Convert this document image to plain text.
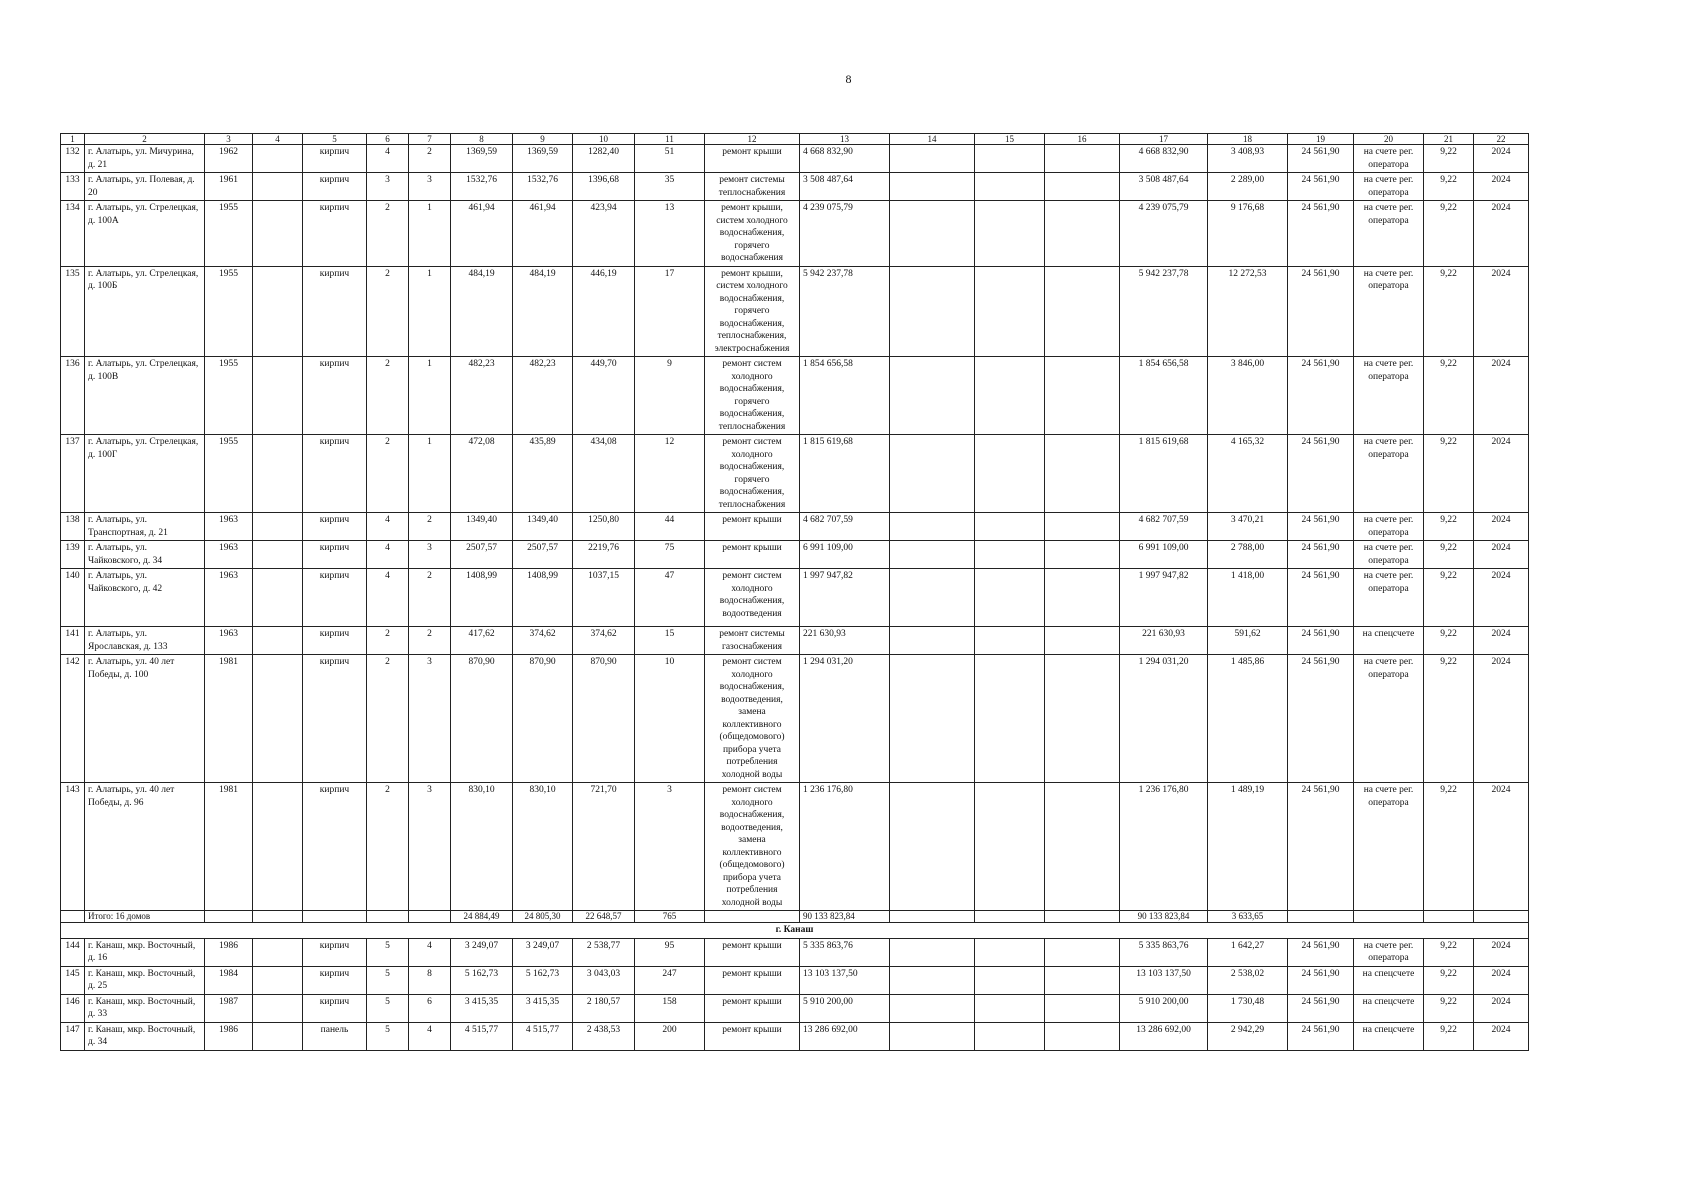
8
1	2	3	4	5	6	7	8	9	10	11	12	13	14	15	16	17	18	19	20	21	22
132	г. Алатырь, ул. Мичурина, д. 21	1962		кирпич	4	2	1369,59	1369,59	1282,40	51	ремонт крыши	4 668 832,90				4 668 832,90	3 408,93	24 561,90	на счете рег. оператора	9,22	2024
133	г. Алатырь, ул. Полевая, д. 20	1961		кирпич	3	3	1532,76	1532,76	1396,68	35	ремонт системы теплоснабжения	3 508 487,64				3 508 487,64	2 289,00	24 561,90	на счете рег. оператора	9,22	2024
134	г. Алатырь, ул. Стрелецкая, д. 100А	1955		кирпич	2	1	461,94	461,94	423,94	13	ремонт крыши, систем холодного водоснабжения, горячего водоснабжения	4 239 075,79				4 239 075,79	9 176,68	24 561,90	на счете рег. оператора	9,22	2024
135	г. Алатырь, ул. Стрелецкая, д. 100Б	1955		кирпич	2	1	484,19	484,19	446,19	17	ремонт крыши, систем холодного водоснабжения, горячего водоснабжения, теплоснабжения, электроснабжения	5 942 237,78				5 942 237,78	12 272,53	24 561,90	на счете рег. оператора	9,22	2024
136	г. Алатырь, ул. Стрелецкая, д. 100В	1955		кирпич	2	1	482,23	482,23	449,70	9	ремонт систем холодного водоснабжения, горячего водоснабжения, теплоснабжения	1 854 656,58				1 854 656,58	3 846,00	24 561,90	на счете рег. оператора	9,22	2024
137	г. Алатырь, ул. Стрелецкая, д. 100Г	1955		кирпич	2	1	472,08	435,89	434,08	12	ремонт систем холодного водоснабжения, горячего водоснабжения, теплоснабжения	1 815 619,68				1 815 619,68	4 165,32	24 561,90	на счете рег. оператора	9,22	2024
138	г. Алатырь, ул. Транспортная, д. 21	1963		кирпич	4	2	1349,40	1349,40	1250,80	44	ремонт крыши	4 682 707,59				4 682 707,59	3 470,21	24 561,90	на счете рег. оператора	9,22	2024
139	г. Алатырь, ул. Чайковского, д. 34	1963		кирпич	4	3	2507,57	2507,57	2219,76	75	ремонт крыши	6 991 109,00				6 991 109,00	2 788,00	24 561,90	на счете рег. оператора	9,22	2024
140	г. Алатырь, ул. Чайковского, д. 42	1963		кирпич	4	2	1408,99	1408,99	1037,15	47	ремонт систем холодного водоснабжения, водоотведения	1 997 947,82				1 997 947,82	1 418,00	24 561,90	на счете рег. оператора	9,22	2024
141	г. Алатырь, ул. Ярославская, д. 133	1963		кирпич	2	2	417,62	374,62	374,62	15	ремонт системы газоснабжения	221 630,93				221 630,93	591,62	24 561,90	на спецсчете	9,22	2024
142	г. Алатырь, ул. 40 лет Победы, д. 100	1981		кирпич	2	3	870,90	870,90	870,90	10	ремонт систем холодного водоснабжения, водоотведения, замена коллективного (общедомового) прибора учета потребления холодной воды	1 294 031,20				1 294 031,20	1 485,86	24 561,90	на счете рег. оператора	9,22	2024
143	г. Алатырь, ул. 40 лет Победы, д. 96	1981		кирпич	2	3	830,10	830,10	721,70	3	ремонт систем холодного водоснабжения, водоотведения, замена коллективного (общедомового) прибора учета потребления холодной воды	1 236 176,80				1 236 176,80	1 489,19	24 561,90	на счете рег. оператора	9,22	2024
	Итого: 16 домов						24 884,49	24 805,30	22 648,57	765		90 133 823,84				90 133 823,84	3 633,65				
г. Канаш																					
144	г. Канаш, мкр. Восточный, д. 16	1986		кирпич	5	4	3 249,07	3 249,07	2 538,77	95	ремонт крыши	5 335 863,76				5 335 863,76	1 642,27	24 561,90	на счете рег. оператора	9,22	2024
145	г. Канаш, мкр. Восточный, д. 25	1984		кирпич	5	8	5 162,73	5 162,73	3 043,03	247	ремонт крыши	13 103 137,50				13 103 137,50	2 538,02	24 561,90	на спецсчете	9,22	2024
146	г. Канаш, мкр. Восточный, д. 33	1987		кирпич	5	6	3 415,35	3 415,35	2 180,57	158	ремонт крыши	5 910 200,00				5 910 200,00	1 730,48	24 561,90	на спецсчете	9,22	2024
147	г. Канаш, мкр. Восточный, д. 34	1986		панель	5	4	4 515,77	4 515,77	2 438,53	200	ремонт крыши	13 286 692,00				13 286 692,00	2 942,29	24 561,90	на спецсчете	9,22	2024
